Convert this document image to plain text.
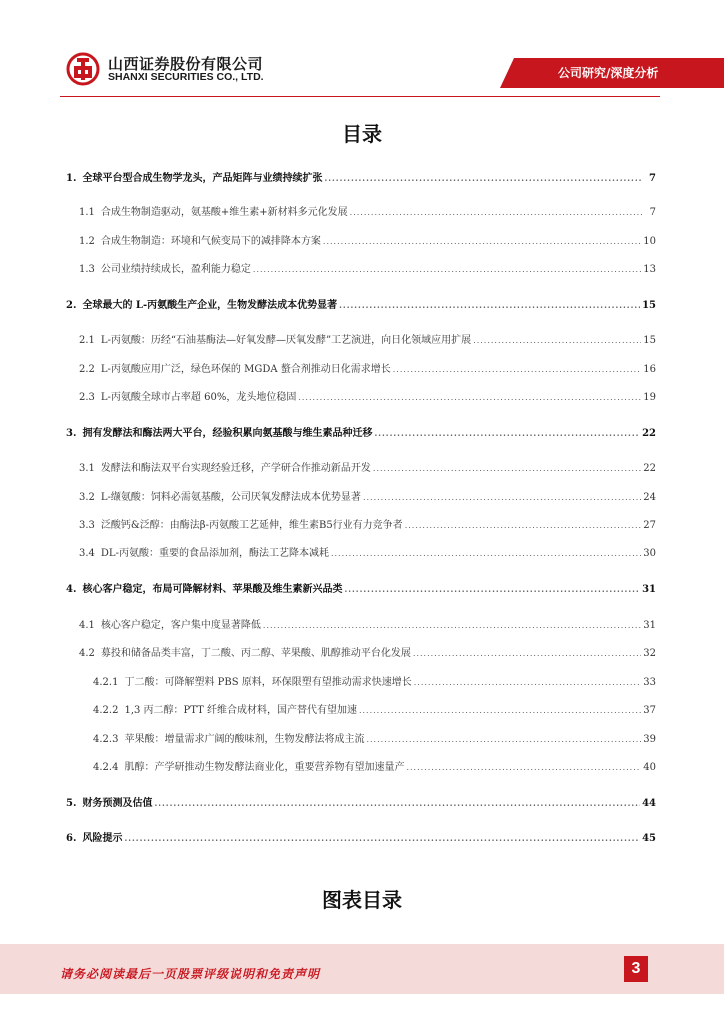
山西证券股份有限公司
SHANXI SECURITIES CO., LTD.	公司研究/深度分析
目录
1. 全球平台型合成生物学龙头，产品矩阵与业绩持续扩张 .....	7
1.1 合成生物制造驱动，氨基酸+维生素+新材料多元化发展 .....	7
1.2 合成生物制造：环境和气候变局下的减排降本方案 .....	10
1.3 公司业绩持续成长，盈利能力稳定 .....	13
2. 全球最大的 L-丙氨酸生产企业，生物发酵法成本优势显著 .....	15
2.1 L-丙氨酸：历经“石油基酶法—好氧发酵—厌氧发酵”工艺演进，向日化领域应用扩展 .....	15
2.2 L-丙氨酸应用广泛，绿色环保的 MGDA 螯合剂推动日化需求增长 .....	16
2.3 L-丙氨酸全球市占率超 60%，龙头地位稳固 .....	19
3. 拥有发酵法和酶法两大平台，经验积累向氨基酸与维生素品种迁移 .....	22
3.1 发酵法和酶法双平台实现经验迁移，产学研合作推动新品开发 .....	22
3.2 L-缬氨酸：饲料必需氨基酸，公司厌氧发酵法成本优势显著 .....	24
3.3 泛酸钙&泛醇：由酶法β-丙氨酸工艺延伸，维生素B5行业有力竞争者 .....	27
3.4 DL-丙氨酸：重要的食品添加剂，酶法工艺降本减耗 .....	30
4. 核心客户稳定，布局可降解材料、苹果酸及维生素新兴品类 .....	31
4.1 核心客户稳定，客户集中度显著降低 .....	31
4.2 募投和储备品类丰富，丁二酸、丙二醇、苹果酸、肌醇推动平台化发展 .....	32
4.2.1 丁二酸：可降解塑料 PBS 原料，环保限塑有望推动需求快速增长 .....	33
4.2.2 1,3 丙二醇：PTT 纤维合成材料，国产替代有望加速 .....	37
4.2.3 苹果酸：增量需求广阔的酸味剂，生物发酵法将成主流 .....	39
4.2.4 肌醇：产学研推动生物发酵法商业化，重要营养物有望加速量产 .....	40
5. 财务预测及估值 .....	44
6. 风险提示 .....	45
图表目录
请务必阅读最后一页股票评级说明和免责声明	3
